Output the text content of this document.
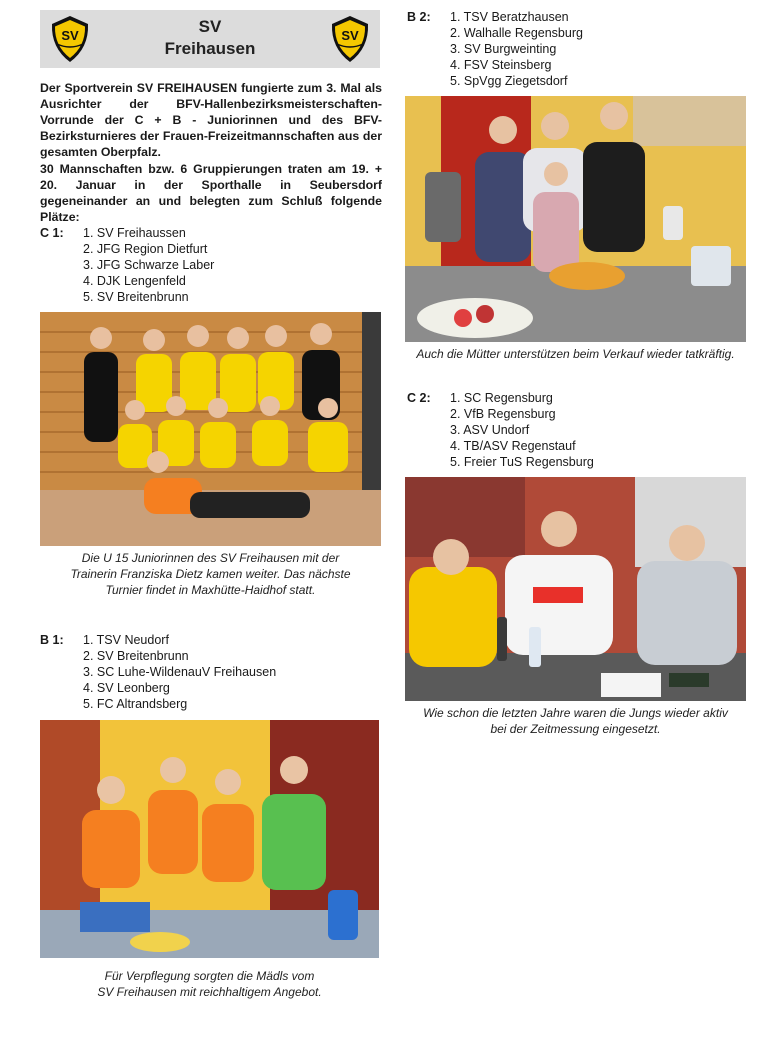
SV	SV
Freihausen
SV

Der Sportverein SV FREIHAUSEN fungierte zum 3. Mal als Ausrichter der BFV-Hallenbezirksmeisterschaften-Vorrunde der C + B - Juniorinnen und des BFV-Bezirksturnieres der Frauen-Freizeitmannschaften aus der gesamten Oberpfalz.

30 Mannschaften bzw. 6 Gruppierungen traten am 19. + 20. Januar in der Sporthalle in Seubersdorf gegeneinander an und belegten zum Schluß folgende Plätze:

C 1: 1. SV Freihaussen
2. JFG Region Dietfurt
3. JFG Schwarze Laber
4. DJK Lengenfeld
5. SV Breitenbrunn
Die U 15 Juniorinnen des SV Freihausen mit der
Trainerin Franziska Dietz kamen weiter. Das nächste
Turnier findet in Maxhütte-Haidhof statt.
B 1: 1. TSV Neudorf
2. SV Breitenbrunn
3. SC Luhe-WildenauV Freihausen
4. SV Leonberg
5. FC Altrandsberg
Für Verpflegung sorgten die Mädls vom
SV Freihausen mit reichhaltigem Angebot.
B 2: 1. TSV Beratzhausen
2. Walhalle Regensburg
3. SV Burgweinting
4. FSV Steinsberg
5. SpVgg Ziegetsdorf
Auch die Mütter unterstützen beim Verkauf wieder tatkräftig.
C 2: 1. SC Regensburg
2. VfB Regensburg
3. ASV Undorf
4. TB/ASV Regenstauf
5. Freier TuS Regensburg
Wie schon die letzten Jahre waren die Jungs wieder aktiv
bei der Zeitmessung eingesetzt.
